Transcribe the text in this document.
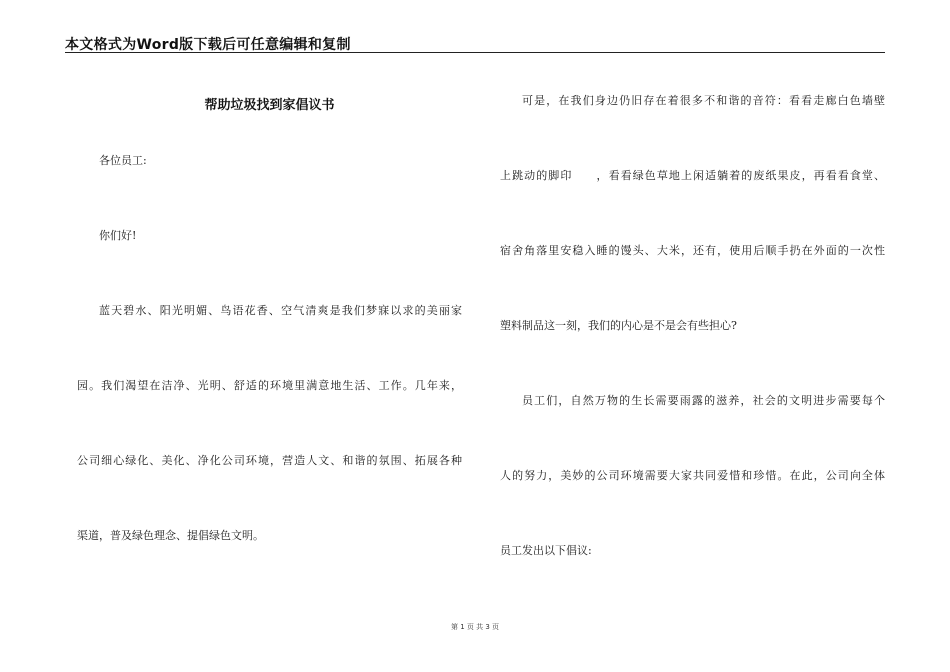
本文格式为Word版下载后可任意编辑和复制
帮助垃圾找到家倡议书
各位员工:
你们好!
蓝天碧水、阳光明媚、鸟语花香、空气清爽是我们梦寐以求的美丽家
园。我们渴望在洁净、光明、舒适的环境里满意地生活、工作。几年来，
公司细心绿化、美化、净化公司环境，营造人文、和谐的氛围、拓展各种
渠道，普及绿色理念、提倡绿色文明。
可是，在我们身边仍旧存在着很多不和谐的音符：看看走廊白色墙壁
上跳动的脚印　　，看看绿色草地上闲适躺着的废纸果皮，再看看食堂、
宿舍角落里安稳入睡的馒头、大米，还有，使用后顺手扔在外面的一次性
塑料制品这一刻，我们的内心是不是会有些担心?
员工们，自然万物的生长需要雨露的滋养，社会的文明进步需要每个
人的努力，美妙的公司环境需要大家共同爱惜和珍惜。在此，公司向全体
员工发出以下倡议:
第 1 页 共 3 页
